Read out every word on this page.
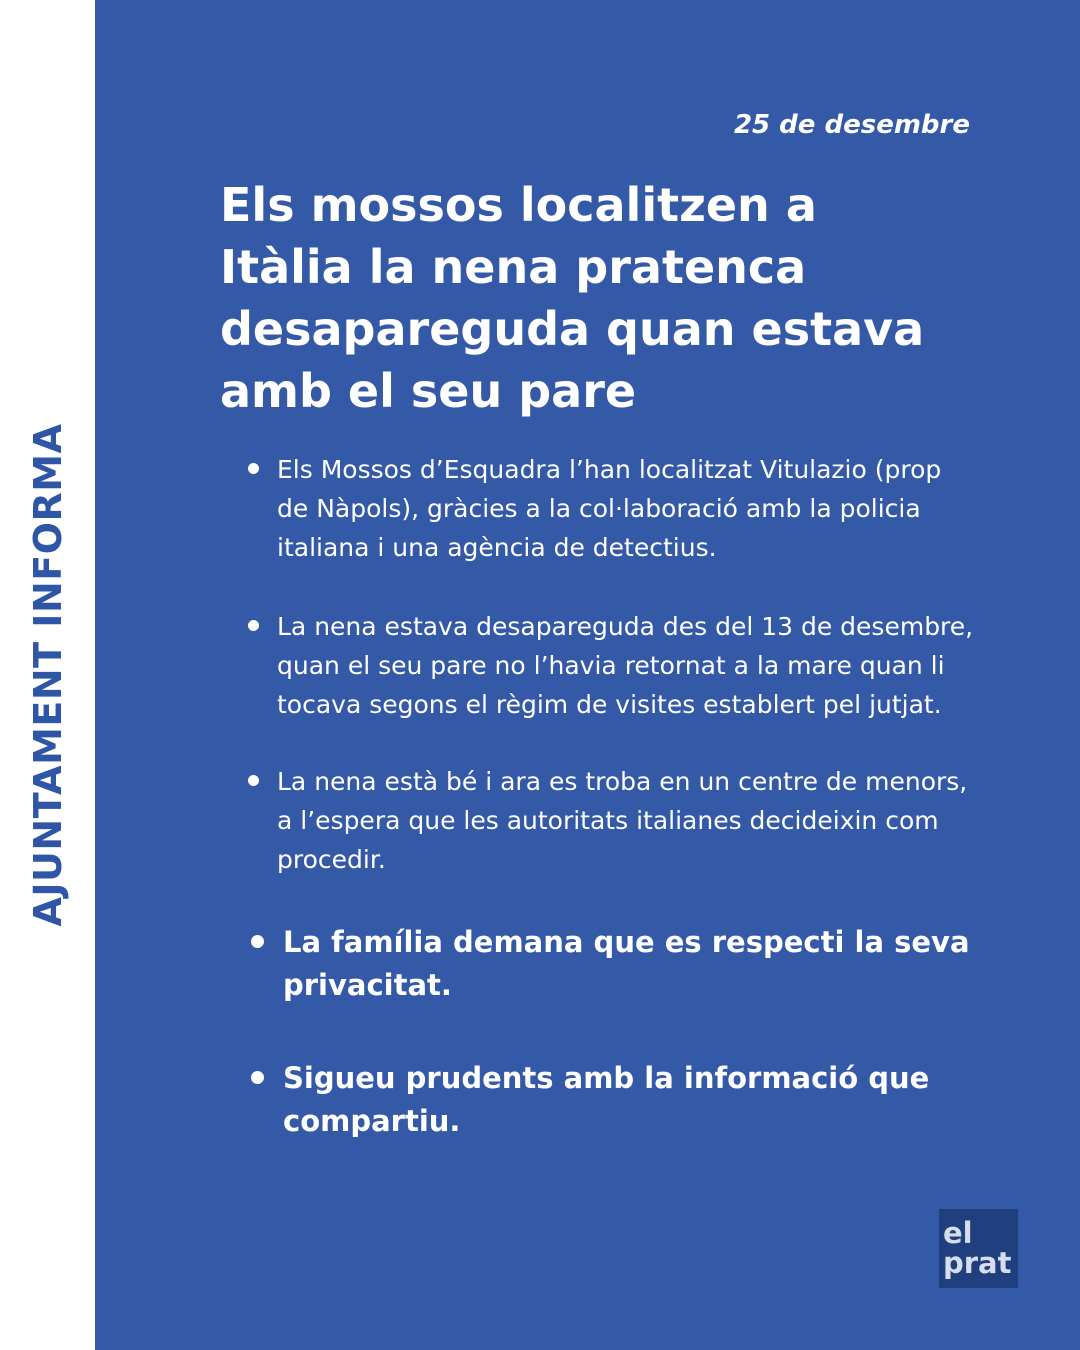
AJUNTAMENT INFORMA
25 de desembre
Els mossos localitzen a Itàlia la nena pratenca desapareguda quan estava amb el seu pare
Els Mossos d’Esquadra l’han localitzat Vitulazio (prop de Nàpols), gràcies a la col·laboració amb la policia italiana i una agència de detectius.
La nena estava desapareguda des del 13 de desembre, quan el seu pare no l’havia retornat a la mare quan li tocava segons el règim de visites establert pel jutjat.
La nena està bé i ara es troba en un centre de menors, a l’espera que les autoritats italianes decideixin com procedir.
La família demana que es respecti la seva privacitat.
Sigueu prudents amb la informació que compartiu.
el
prat
